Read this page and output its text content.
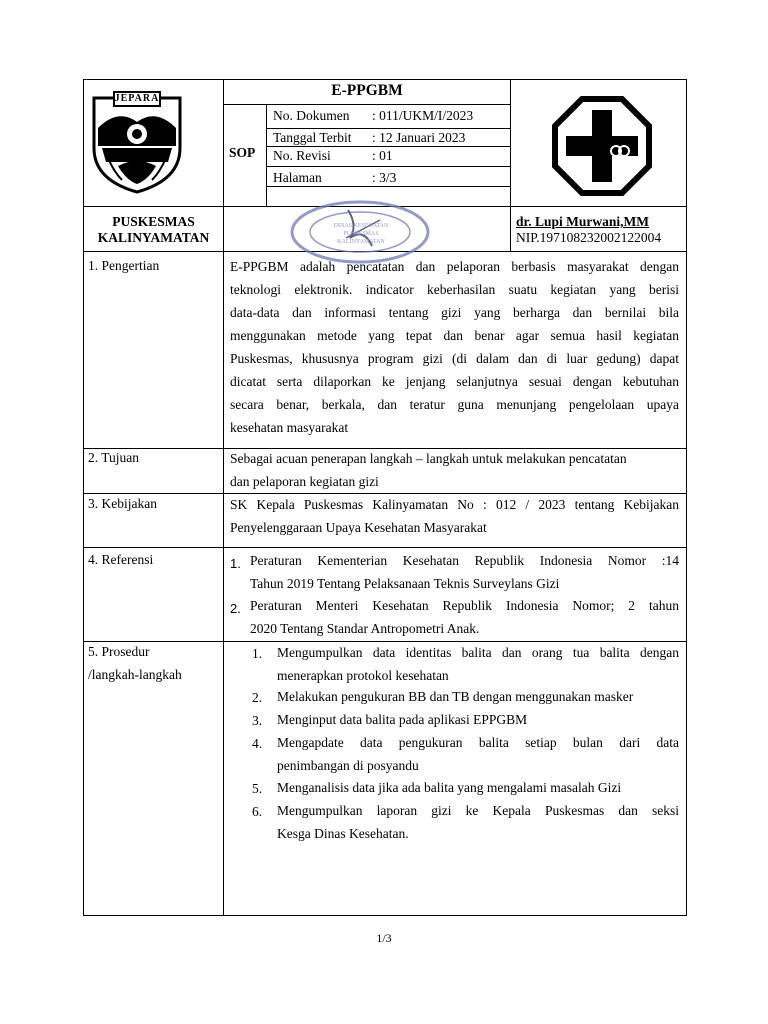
E-PPGBM
SOP
No. Dokumen : 011/UKM/I/2023
Tanggal Terbit : 12 Januari 2023
No. Revisi	: 01
Halaman	: 3/3
JEPARA
PUSKESMAS
KALINYAMATAN
DINAS KESEHATAN PUSKESMAS KALINYAMATAN
dr. Lupi Murwani,MM
NIP.197108232002122004
1. Pengertian	E-PPGBM adalah pencatatan dan pelaporan berbasis masyarakat dengan
teknologi elektronik. indicator keberhasilan suatu kegiatan yang berisi
data-data dan informasi tentang gizi yang berharga dan bernilai bila
menggunakan metode yang tepat dan benar agar semua hasil kegiatan
Puskesmas, khususnya program gizi (di dalam dan di luar gedung) dapat
dicatat serta dilaporkan ke jenjang selanjutnya sesuai dengan kebutuhan
secara benar, berkala, dan teratur guna menunjang pengelolaan upaya
kesehatan masyarakat
2. Tujuan	Sebagai acuan penerapan langkah – langkah untuk melakukan pencatatan
dan pelaporan kegiatan gizi
3. Kebijakan	SK Kepala Puskesmas Kalinyamatan No : 012 / 2023 tentang Kebijakan
Penyelenggaraan Upaya Kesehatan Masyarakat
4. Referensi	1. Peraturan Kementerian Kesehatan Republik Indonesia Nomor :14
Tahun 2019 Tentang Pelaksanaan Teknis Surveylans Gizi
2. Peraturan Menteri Kesehatan Republik Indonesia Nomor; 2 tahun
2020 Tentang Standar Antropometri Anak.
5. Prosedur
/langkah-langkah
1. Mengumpulkan data identitas balita dan orang tua balita dengan
menerapkan protokol kesehatan
2. Melakukan pengukuran BB dan TB dengan menggunakan masker
3. Menginput data balita pada aplikasi EPPGBM
4. Mengapdate data pengukuran balita setiap bulan dari data
penimbangan di posyandu
5. Menganalisis data jika ada balita yang mengalami masalah Gizi
6. Mengumpulkan laporan gizi ke Kepala Puskesmas dan seksi
Kesga Dinas Kesehatan.
1/3
